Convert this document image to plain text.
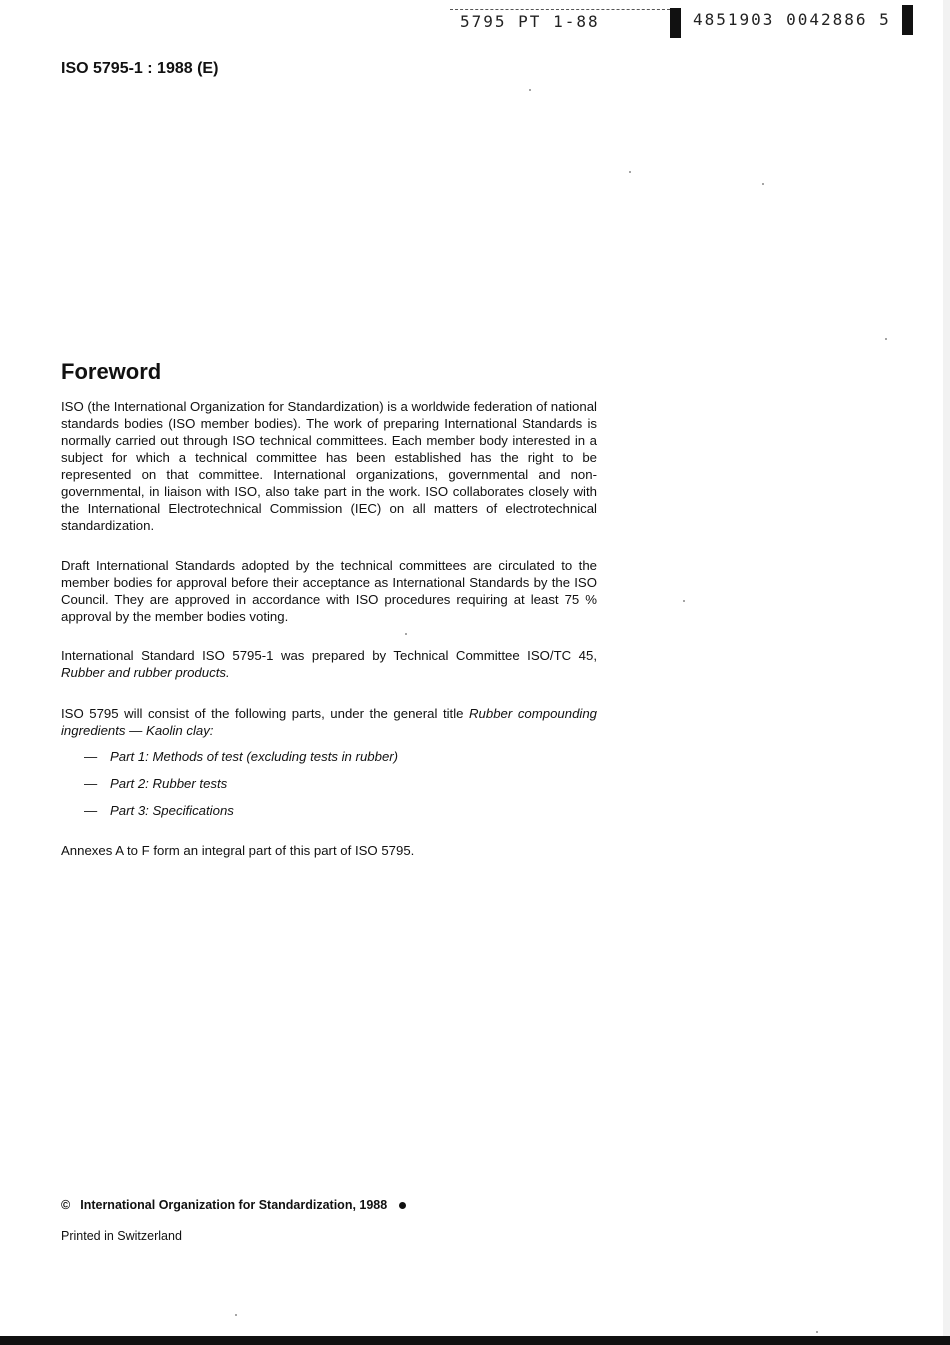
5795 PT 1-88	4851903 0042886 5
ISO 5795-1 : 1988 (E)
Foreword

ISO (the International Organization for Standardization) is a worldwide federation of national standards bodies (ISO member bodies). The work of preparing International Standards is normally carried out through ISO technical committees. Each member body interested in a subject for which a technical committee has been established has the right to be represented on that committee. International organizations, governmental and non-governmental, in liaison with ISO, also take part in the work. ISO collaborates closely with the International Electrotechnical Commission (IEC) on all matters of electrotechnical standardization.

Draft International Standards adopted by the technical committees are circulated to the member bodies for approval before their acceptance as International Standards by the ISO Council. They are approved in accordance with ISO procedures requiring at least 75 % approval by the member bodies voting.

International Standard ISO 5795-1 was prepared by Technical Committee ISO/TC 45, Rubber and rubber products.

ISO 5795 will consist of the following parts, under the general title Rubber compounding ingredients — Kaolin clay:

— Part 1: Methods of test (excluding tests in rubber)
— Part 2: Rubber tests
— Part 3: Specifications

Annexes A to F form an integral part of this part of ISO 5795.

© International Organization for Standardization, 1988
Printed in Switzerland
